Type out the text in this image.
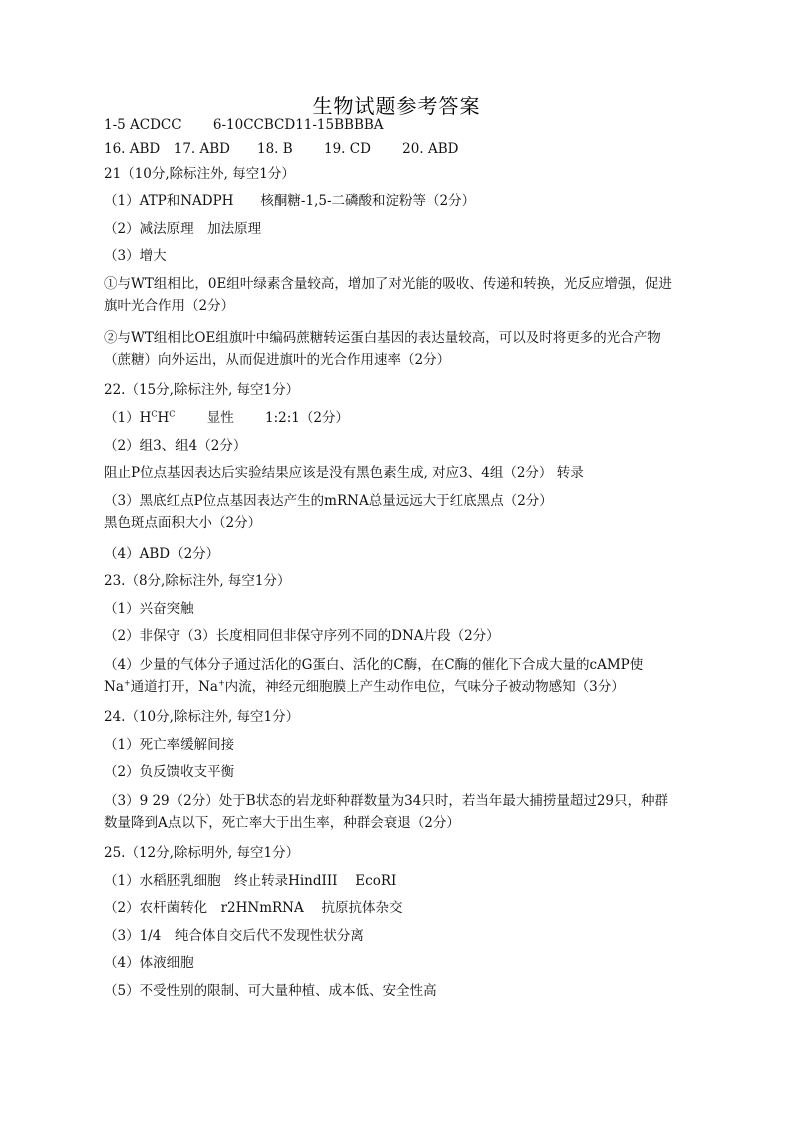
生物试题参考答案
1-5 ACDCC　　 6-10CCBCD11-15BBBBA
16. ABD　17. ABD　　18. B　　 19. CD　　 20. ABD
21（10分,除标注外, 每空1分）
（1）ATP和NADPH　　核酮糖-1,5-二磷酸和淀粉等（2分）
（2）减法原理　加法原理
（3）增大
①与WT组相比，0E组叶绿素含量较高，增加了对光能的吸收、传递和转换，光反应增强，促进
旗叶光合作用（2分）
②与WT组相比OE组旗叶中编码蔗糖转运蛋白基因的表达量较高，可以及时将更多的光合产物
（蔗糖）向外运出，从而促进旗叶的光合作用速率（2分）
22.（15分,除标注外, 每空1分）
$(1)H^CH^C$　　 显性　　 1:2:1（2分）
（2）组3、组4（2分）
阻止P位点基因表达后实验结果应该是没有黑色素生成, 对应3、4组（2分） 转录
（3）黑底红点P位点基因表达产生的mRNA总量远远大于红底黑点（2分）
黑色斑点面积大小（2分）
（4）ABD（2分）
23.（8分,除标注外, 每空1分）
（1）兴奋突触
（2）非保守（3）长度相同但非保守序列不同的DNA片段（2分）
（4）少量的气体分子通过活化的G蛋白、活化的C酶，在C酶的催化下合成大量的cAMP使
Na+通道打开，Na+内流，神经元细胞膜上产生动作电位，气味分子被动物感知（3分）
24.（10分,除标注外, 每空1分）
（1）死亡率缓解间接
（2）负反馈收支平衡
（3）9 29（2分）处于B状态的岩龙虾种群数量为34只时，若当年最大捕捞量超过29只，种群
数量降到A点以下，死亡率大于出生率，种群会衰退（2分）
25.（12分,除标明外, 每空1分）
（1）水稻胚乳细胞　终止转录HindIII　 EcoRI
（2）农杆菌转化　r2HNmRNA　 抗原抗体杂交
（3）1/4　纯合体自交后代不发现性状分离
（4）体液细胞
（5）不受性别的限制、可大量种植、成本低、安全性高
